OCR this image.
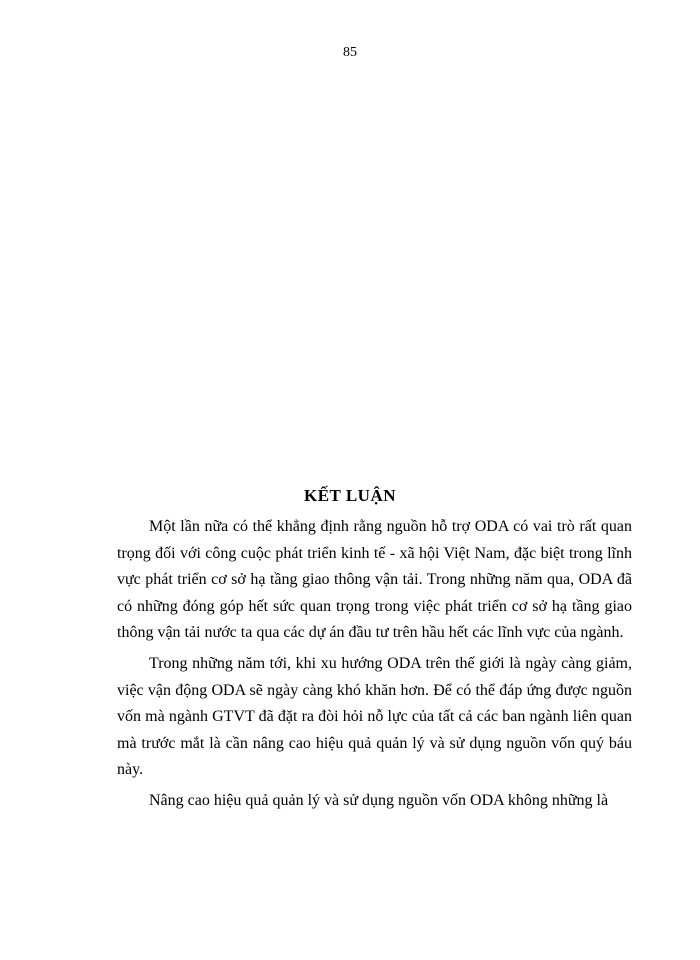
85
KẾT LUẬN

Một lần nữa có thể khẳng định rằng nguồn hỗ trợ ODA có vai trò rất quan trọng đối với công cuộc phát triển kinh tế - xã hội Việt Nam, đặc biệt trong lĩnh vực phát triển cơ sở hạ tầng giao thông vận tải. Trong những năm qua, ODA đã có những đóng góp hết sức quan trọng trong việc phát triển cơ sở hạ tầng giao thông vận tải nước ta qua các dự án đầu tư trên hầu hết các lĩnh vực của ngành.

Trong những năm tới, khi xu hướng ODA trên thế giới là ngày càng giảm, việc vận động ODA sẽ ngày càng khó khăn hơn. Để có thể đáp ứng được nguồn vốn mà ngành GTVT đã đặt ra đòi hỏi nỗ lực của tất cả các ban ngành liên quan mà trước mắt là cần nâng cao hiệu quả quản lý và sử dụng nguồn vốn quý báu này.

Nâng cao hiệu quả quản lý và sử dụng nguồn vốn ODA không những là
